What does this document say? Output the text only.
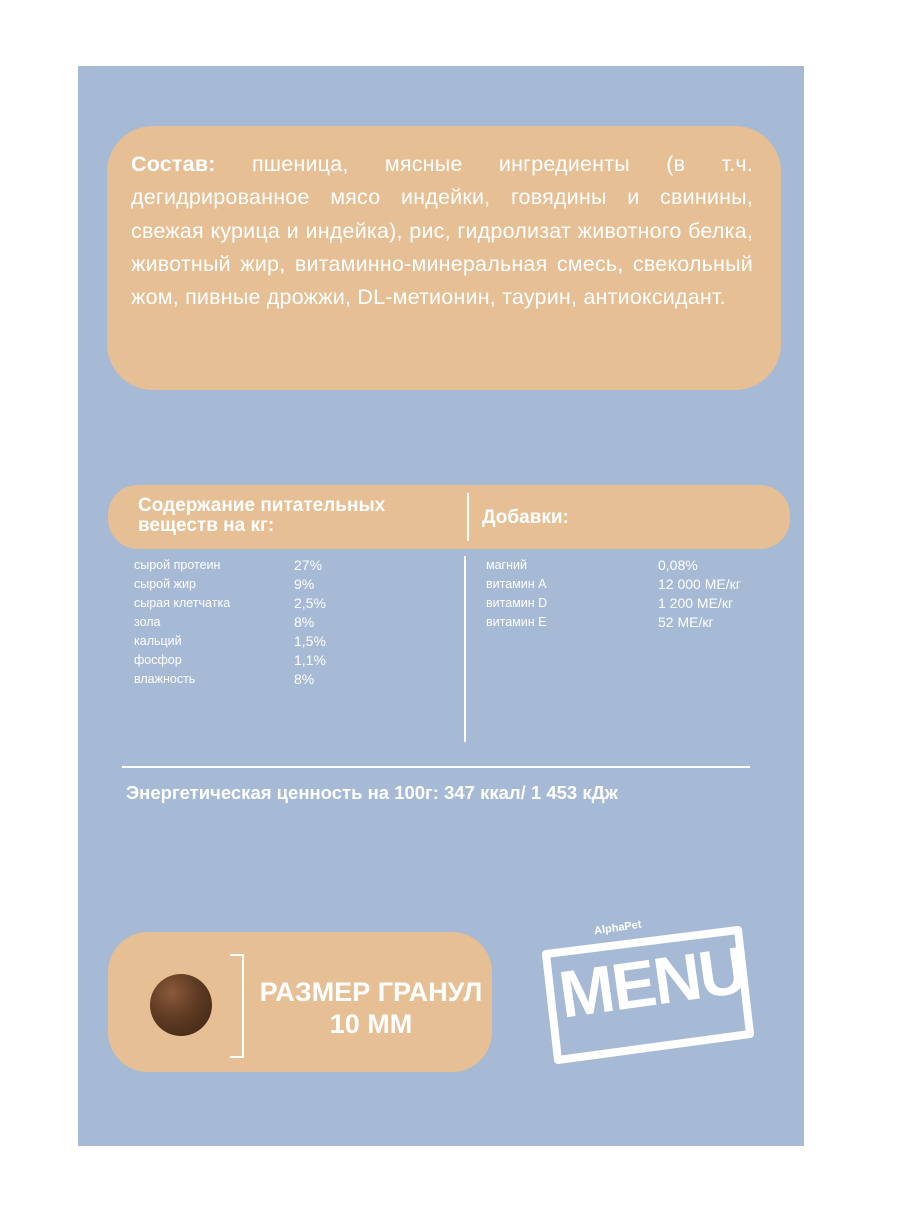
Состав: пшеница, мясные ингредиенты (в т.ч. дегидрированное мясо индейки, говядины и свинины, свежая курица и индейка), рис, гидролизат животного белка, животный жир, витаминно-минеральная смесь, свекольный жом, пивные дрожжи, DL-метионин, таурин, антиоксидант.
Содержание питательных
веществ на кг:	Добавки:
сырой протеин	27%
сырой жир	9%
сырая клетчатка	2,5%
зола	8%
кальций	1,5%
фосфор	1,1%
влажность	8%
магний	0,08%
витамин А	12 000 МЕ/кг
витамин D	1 200 МЕ/кг
витамин Е	52 МЕ/кг
Энергетическая ценность на 100г: 347 ккал/ 1 453 кДж
РАЗМЕР ГРАНУЛ
10 ММ
AlphaPet
MENU
